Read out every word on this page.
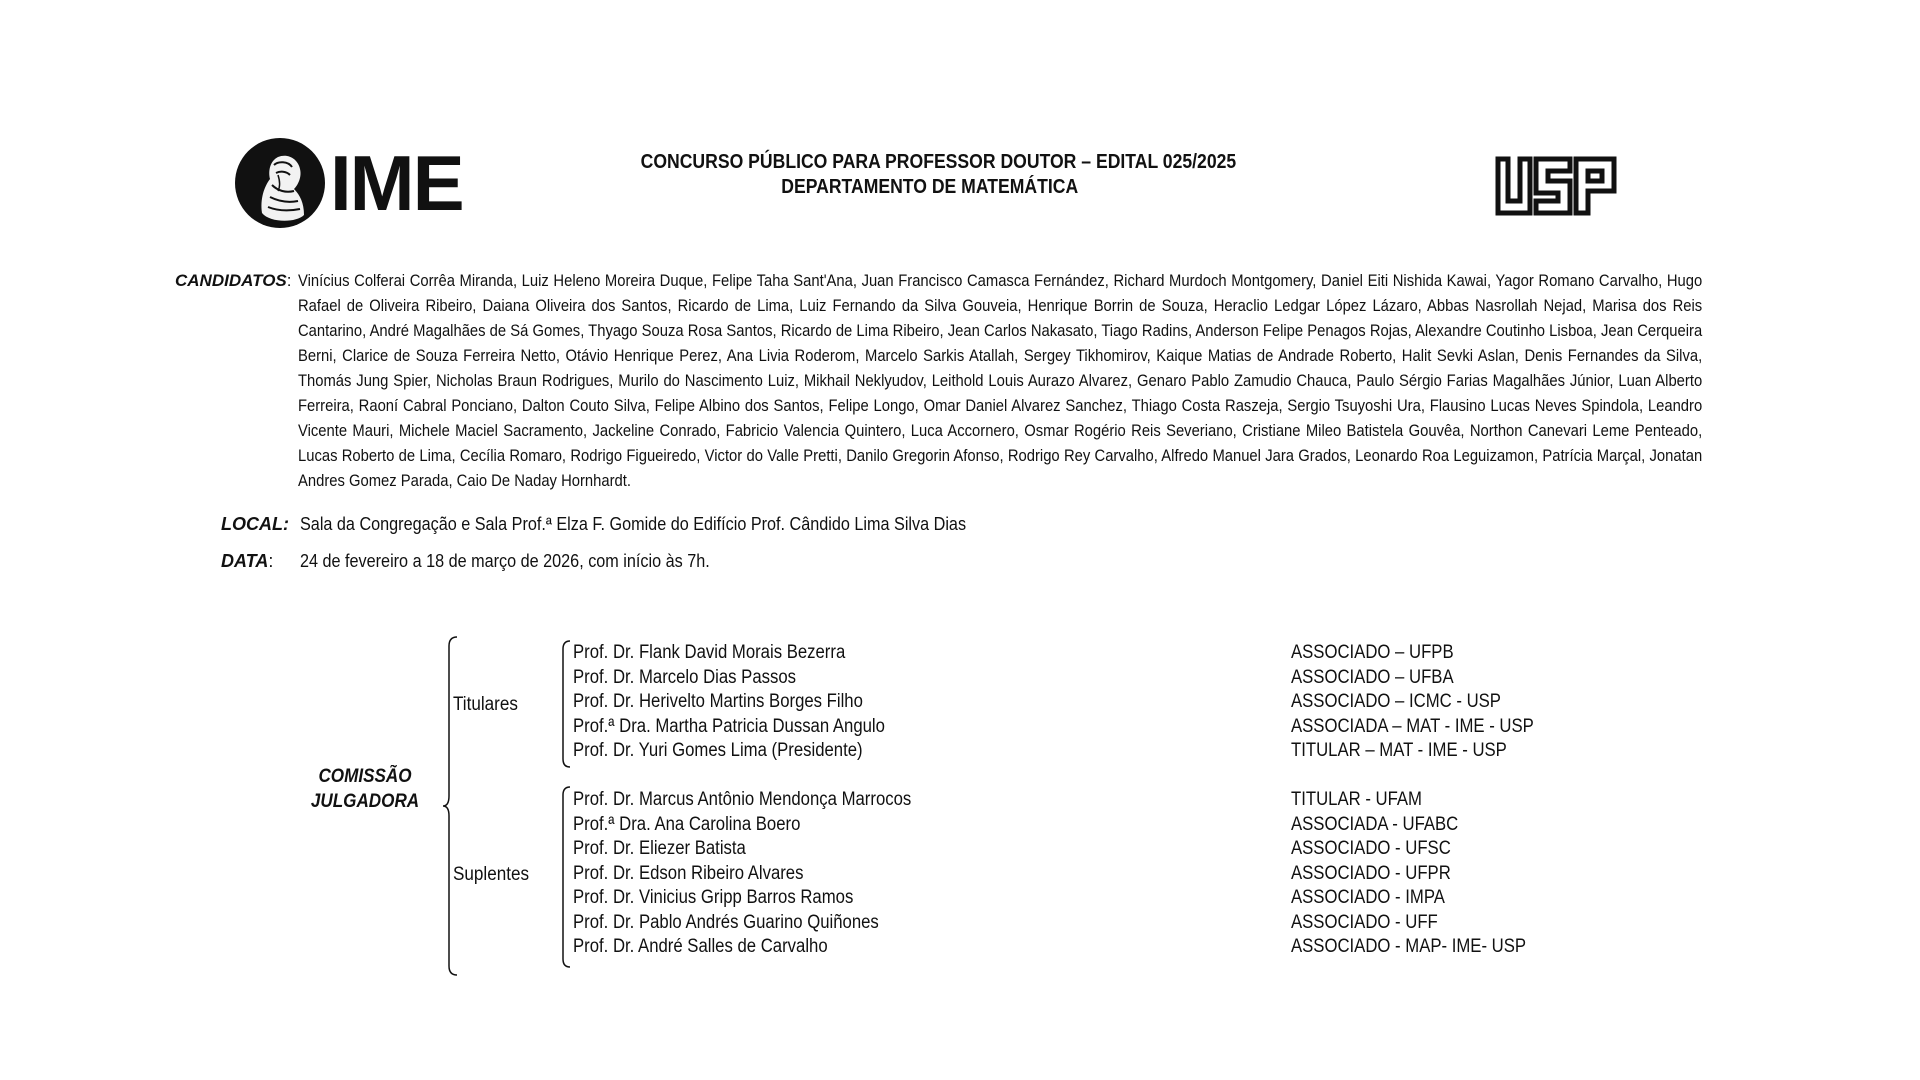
IME	CONCURSO PÚBLICO PARA PROFESSOR DOUTOR – EDITAL 025/2025
DEPARTAMENTO DE MATEMÁTICA
USP
CANDIDATOS: Vinícius Colferai Corrêa Miranda, Luiz Heleno Moreira Duque, Felipe Taha Sant'Ana, Juan Francisco Camasca Fernández, Richard Murdoch Montgomery, Daniel Eiti Nishida Kawai, Yagor Romano Carvalho, Hugo Rafael de Oliveira Ribeiro, Daiana Oliveira dos Santos, Ricardo de Lima, Luiz Fernando da Silva Gouveia, Henrique Borrin de Souza, Heraclio Ledgar López Lázaro, Abbas Nasrollah Nejad, Marisa dos Reis Cantarino, André Magalhães de Sá Gomes, Thyago Souza Rosa Santos, Ricardo de Lima Ribeiro, Jean Carlos Nakasato, Tiago Radins, Anderson Felipe Penagos Rojas, Alexandre Coutinho Lisboa, Jean Cerqueira Berni, Clarice de Souza Ferreira Netto, Otávio Henrique Perez, Ana Livia Roderom, Marcelo Sarkis Atallah, Sergey Tikhomirov, Kaique Matias de Andrade Roberto, Halit Sevki Aslan, Denis Fernandes da Silva, Thomás Jung Spier, Nicholas Braun Rodrigues, Murilo do Nascimento Luiz, Mikhail Neklyudov, Leithold Louis Aurazo Alvarez, Genaro Pablo Zamudio Chauca, Paulo Sérgio Farias Magalhães Júnior, Luan Alberto Ferreira, Raoní Cabral Ponciano, Dalton Couto Silva, Felipe Albino dos Santos, Felipe Longo, Omar Daniel Alvarez Sanchez, Thiago Costa Raszeja, Sergio Tsuyoshi Ura, Flausino Lucas Neves Spindola, Leandro Vicente Mauri, Michele Maciel Sacramento, Jackeline Conrado, Fabricio Valencia Quintero, Luca Accornero, Osmar Rogério Reis Severiano, Cristiane Mileo Batistela Gouvêa, Northon Canevari Leme Penteado, Lucas Roberto de Lima, Cecília Romaro, Rodrigo Figueiredo, Victor do Valle Pretti, Danilo Gregorin Afonso, Rodrigo Rey Carvalho, Alfredo Manuel Jara Grados, Leonardo Roa Leguizamon, Patrícia Marçal, Jonatan Andres Gomez Parada, Caio De Naday Hornhardt.
LOCAL: Sala da Congregação e Sala Prof.ª Elza F. Gomide do Edifício Prof. Cândido Lima Silva Dias
DATA: 24 de fevereiro a 18 de março de 2026, com início às 7h.
COMISSÃO
JULGADORA
Titulares
Suplentes
Prof. Dr. Flank David Morais Bezerra	ASSOCIADO – UFPB
Prof. Dr. Marcelo Dias Passos	ASSOCIADO – UFBA
Prof. Dr. Herivelto Martins Borges Filho	ASSOCIADO – ICMC - USP
Prof.ª Dra. Martha Patricia Dussan Angulo	ASSOCIADA – MAT - IME - USP
Prof. Dr. Yuri Gomes Lima (Presidente)	TITULAR – MAT - IME - USP
Prof. Dr. Marcus Antônio Mendonça Marrocos	TITULAR - UFAM
Prof.ª Dra. Ana Carolina Boero	ASSOCIADA - UFABC
Prof. Dr. Eliezer Batista	ASSOCIADO - UFSC
Prof. Dr. Edson Ribeiro Alvares	ASSOCIADO - UFPR
Prof. Dr. Vinicius Gripp Barros Ramos	ASSOCIADO - IMPA
Prof. Dr. Pablo Andrés Guarino Quiñones	ASSOCIADO - UFF
Prof. Dr. André Salles de Carvalho	ASSOCIADO - MAP- IME- USP
